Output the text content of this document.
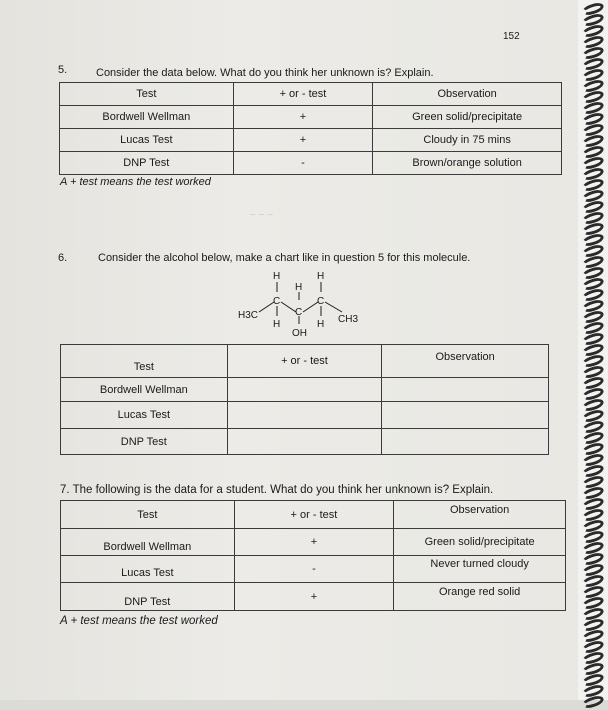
~ ~ ~
152
5.	Consider the data below. What do you think her unknown is? Explain.
Test	+ or - test	Observation
Bordwell Wellman	+	Green solid/precipitate
Lucas Test	+	Cloudy in 75 mins
DNP Test	-	Brown/orange solution
A + test means the test worked
6.	Consider the alcohol below, make a chart like in question 5 for this molecule.
H3C	CH3
H	H
H
C	C
C
H	H
OH
Test	+ or - test	Observation
Bordwell Wellman		
Lucas Test		
DNP Test		
7. The following is the data for a student. What do you think her unknown is? Explain.
Test	+ or - test	Observation
Bordwell Wellman	+	Green solid/precipitate
Lucas Test	-	Never turned cloudy
DNP Test	+	Orange red solid
A + test means the test worked
